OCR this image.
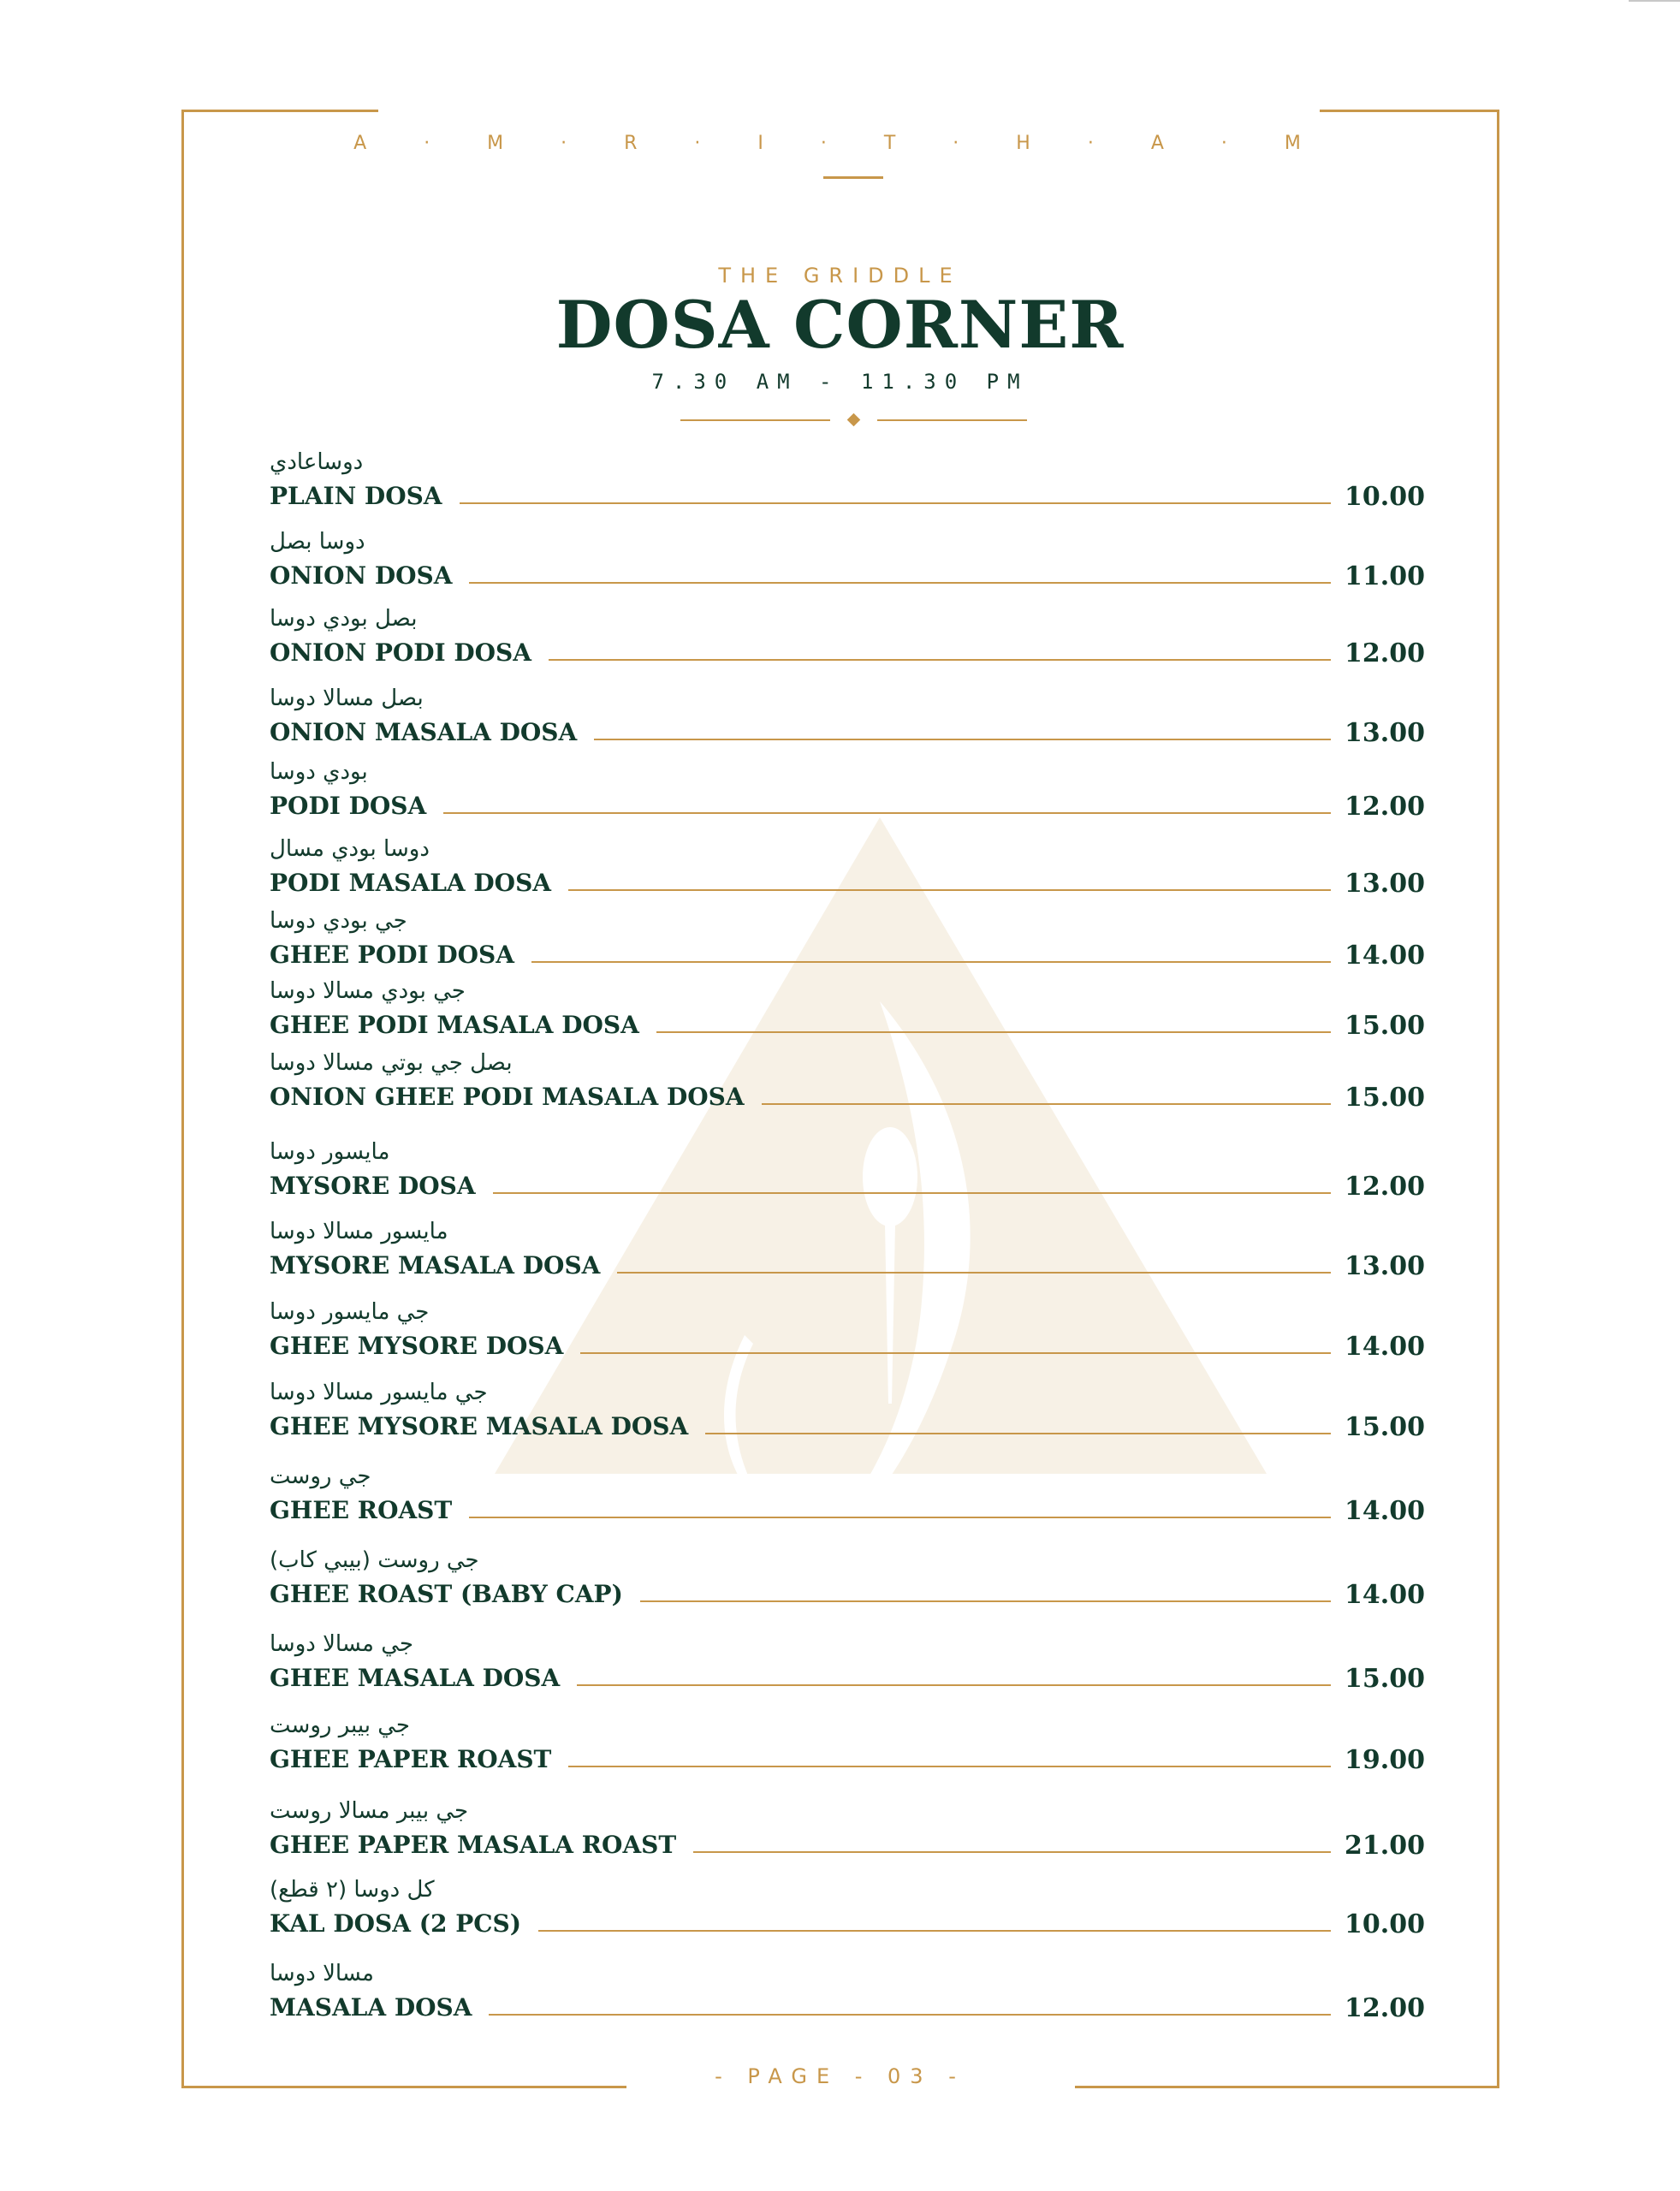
A · M · R · I · T · H · A · M
THE GRIDDLE
DOSA CORNER
7.30 AM - 11.30 PM
دوساعادي
PLAIN DOSA	10.00
دوسا بصل
ONION DOSA	11.00
بصل بودي دوسا
ONION PODI DOSA	12.00
بصل مسالا دوسا
ONION MASALA DOSA	13.00
بودي دوسا
PODI DOSA	12.00
دوسا بودي مسال
PODI MASALA DOSA	13.00
جي بودي دوسا
GHEE PODI DOSA	14.00
جي بودي مسالا دوسا
GHEE PODI MASALA DOSA	15.00
بصل جي بوتي مسالا دوسا
ONION GHEE PODI MASALA DOSA	15.00
مايسور دوسا
MYSORE DOSA	12.00
مايسور مسالا دوسا
MYSORE MASALA DOSA	13.00
جي مايسور دوسا
GHEE MYSORE DOSA	14.00
جي مايسور مسالا دوسا
GHEE MYSORE MASALA DOSA	15.00
جي روست
GHEE ROAST	14.00
جي روست (بيبي كاب)
GHEE ROAST (BABY CAP)	14.00
جي مسالا دوسا
GHEE MASALA DOSA	15.00
جي بيبر روست
GHEE PAPER ROAST	19.00
جي بيبر مسالا روست
GHEE PAPER MASALA ROAST	21.00
كل دوسا (٢ قطع)
KAL DOSA (2 PCS)	10.00
مسالا دوسا
MASALA DOSA	12.00
- PAGE - 03 -
